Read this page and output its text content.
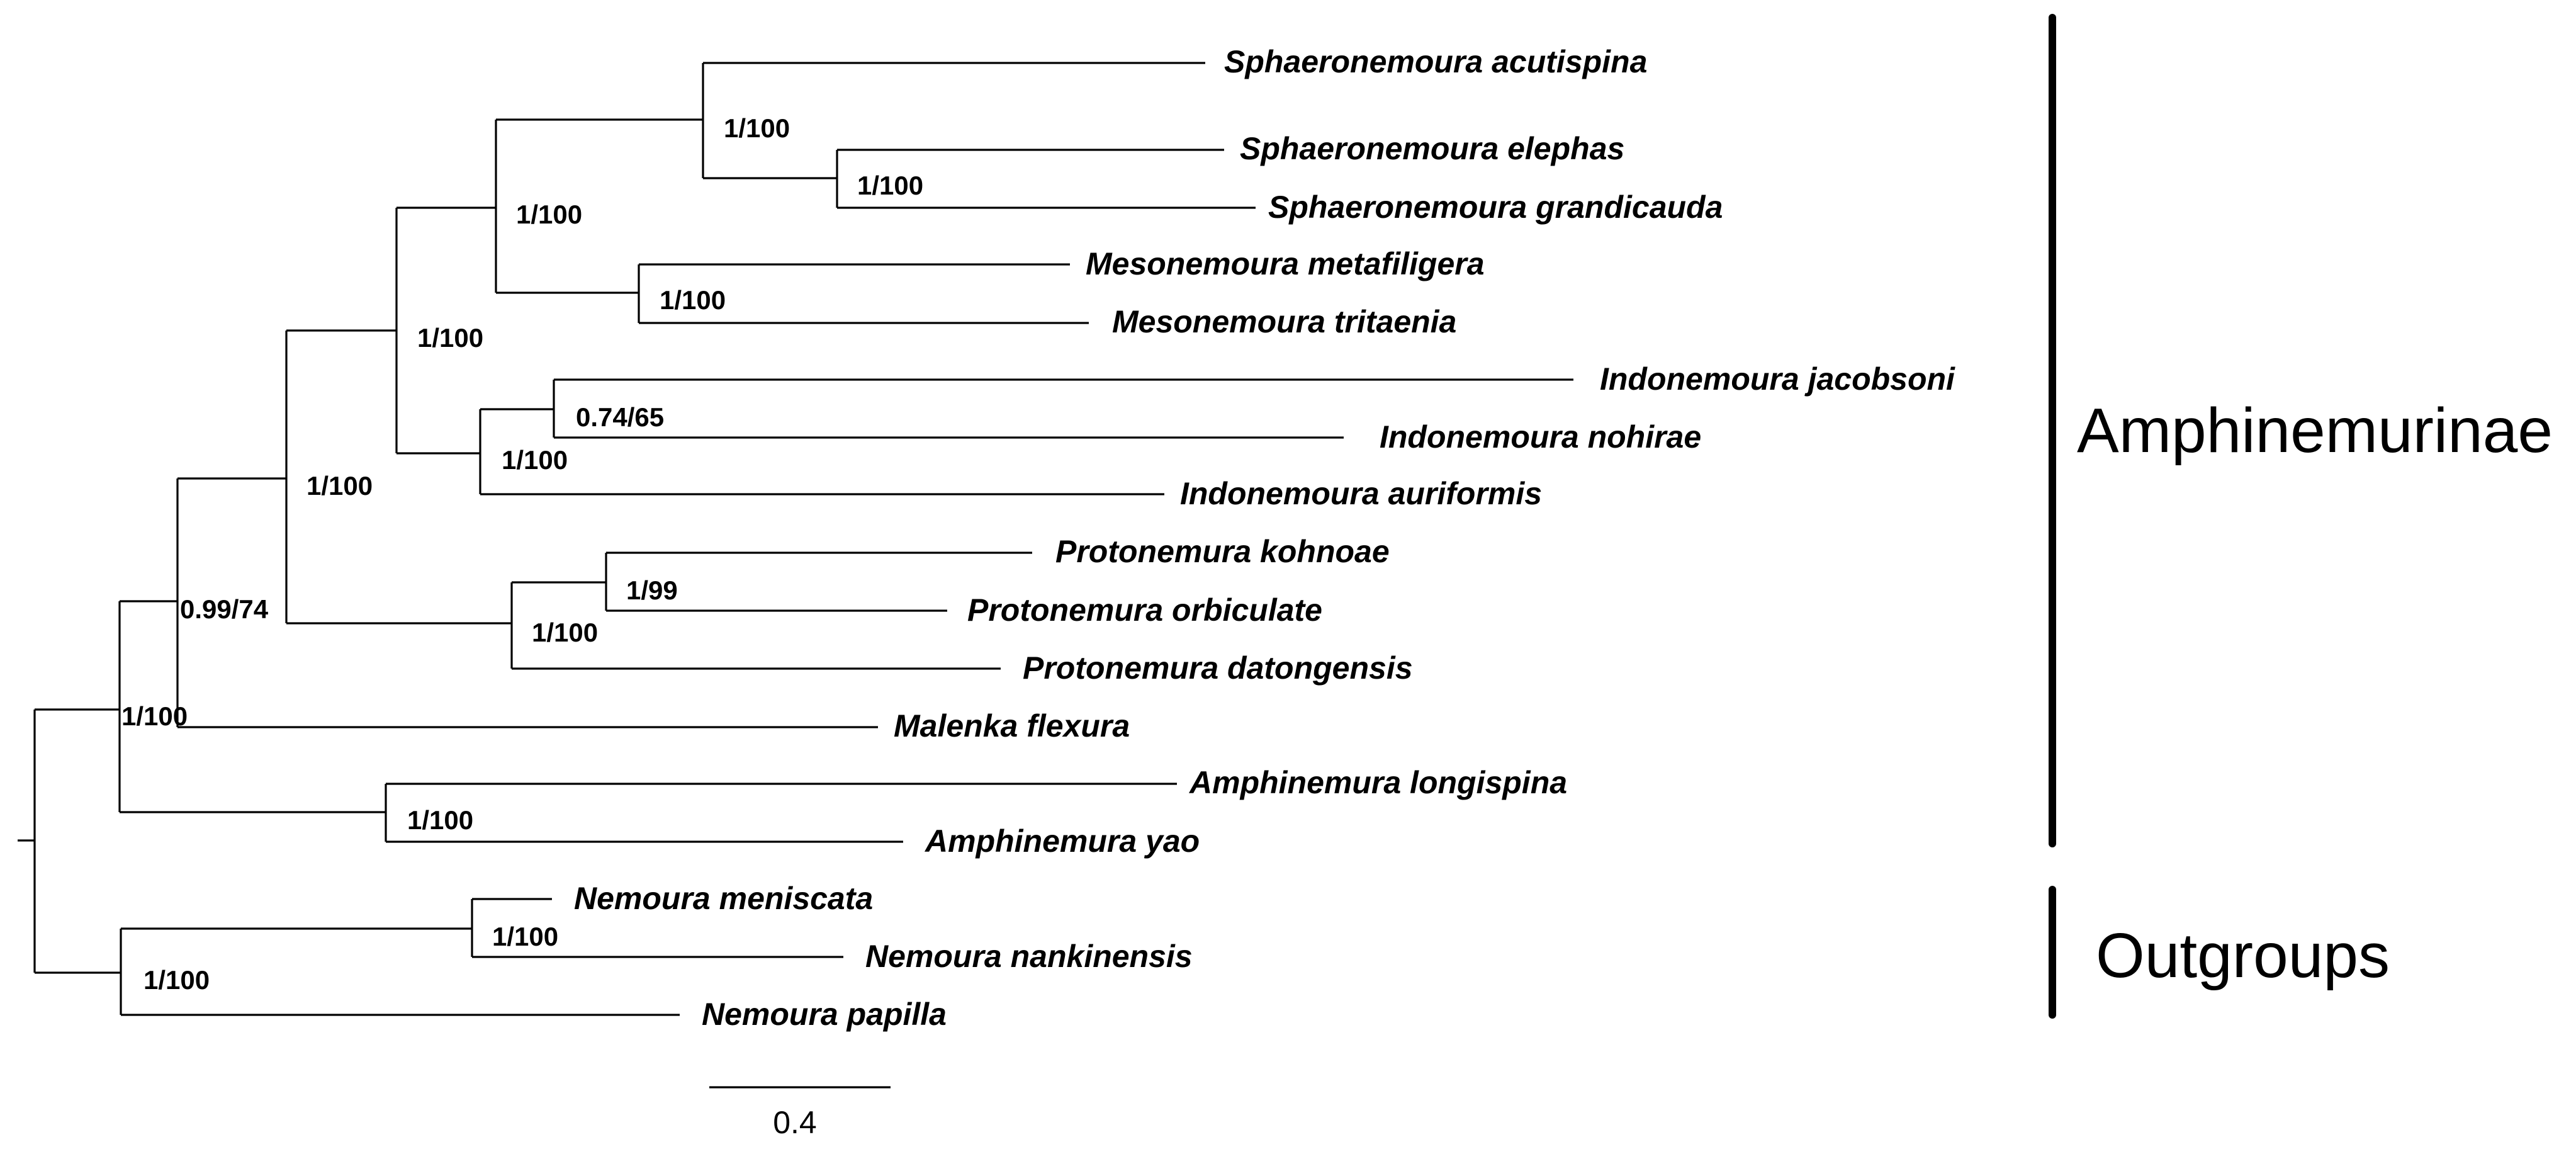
Sphaeronemoura acutispina
Sphaeronemoura elephas
Sphaeronemoura grandicauda
Mesonemoura metafiligera
Mesonemoura tritaenia
Indonemoura jacobsoni
Indonemoura nohirae
Indonemoura auriformis
Protonemura kohnoae
Protonemura orbiculate
Protonemura datongensis
Malenka flexura
Amphinemura longispina
Amphinemura yao
Nemoura meniscata
Nemoura nankinensis
Nemoura papilla
1/100
1/100
1/100
1/100
0.74/65
1/100
1/100
1/100
1/99
1/100
0.99/74
1/100
1/100
1/100
1/100
Amphinemurinae
Outgroups
0.4
